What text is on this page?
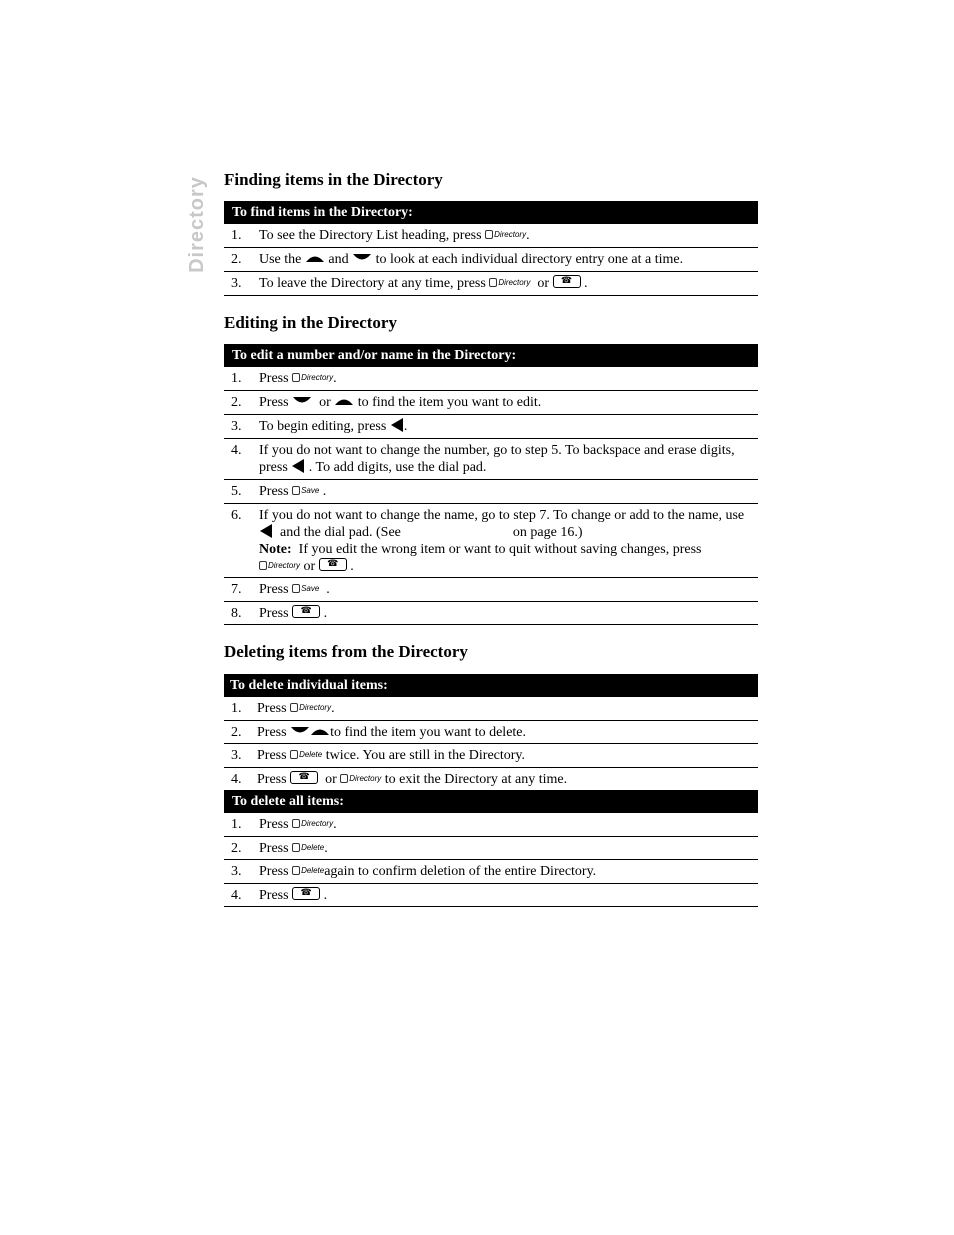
Directory Finding items in the Directory
To find items in the Directory:
1. To see the Directory List heading, press Directory.
2. Use the and to look at each individual directory entry one at a time.
3. To leave the Directory at any time, press Directory or ☎ .
Editing in the Directory
To edit a number and/or name in the Directory:
1. Press Directory.
2. Press or to find the item you want to edit.
3. To begin editing, press .
4. If you do not want to change the number, go to step 5. To backspace and erase digits, press . To add digits, use the dial pad.
5. Press Save .
6. If you do not want to change the name, go to step 7. To change or add to the name, use   and the dial pad. (See	on page 16.)
Note: If you edit the wrong item or want to quit without saving changes, press
Directory or ☎ .
7. Press Save .
8. Press ☎ .
Deleting items from the Directory
To delete individual items:
1. Press Directory.
2. Press	to find the item you want to delete.
3. Press Delete twice. You are still in the Directory.
4. Press ☎ or Directory to exit the Directory at any time.
To delete all items:
1. Press Directory.
2. Press Delete.
3. Press Deleteagain to confirm deletion of the entire Directory.
4. Press ☎ .
